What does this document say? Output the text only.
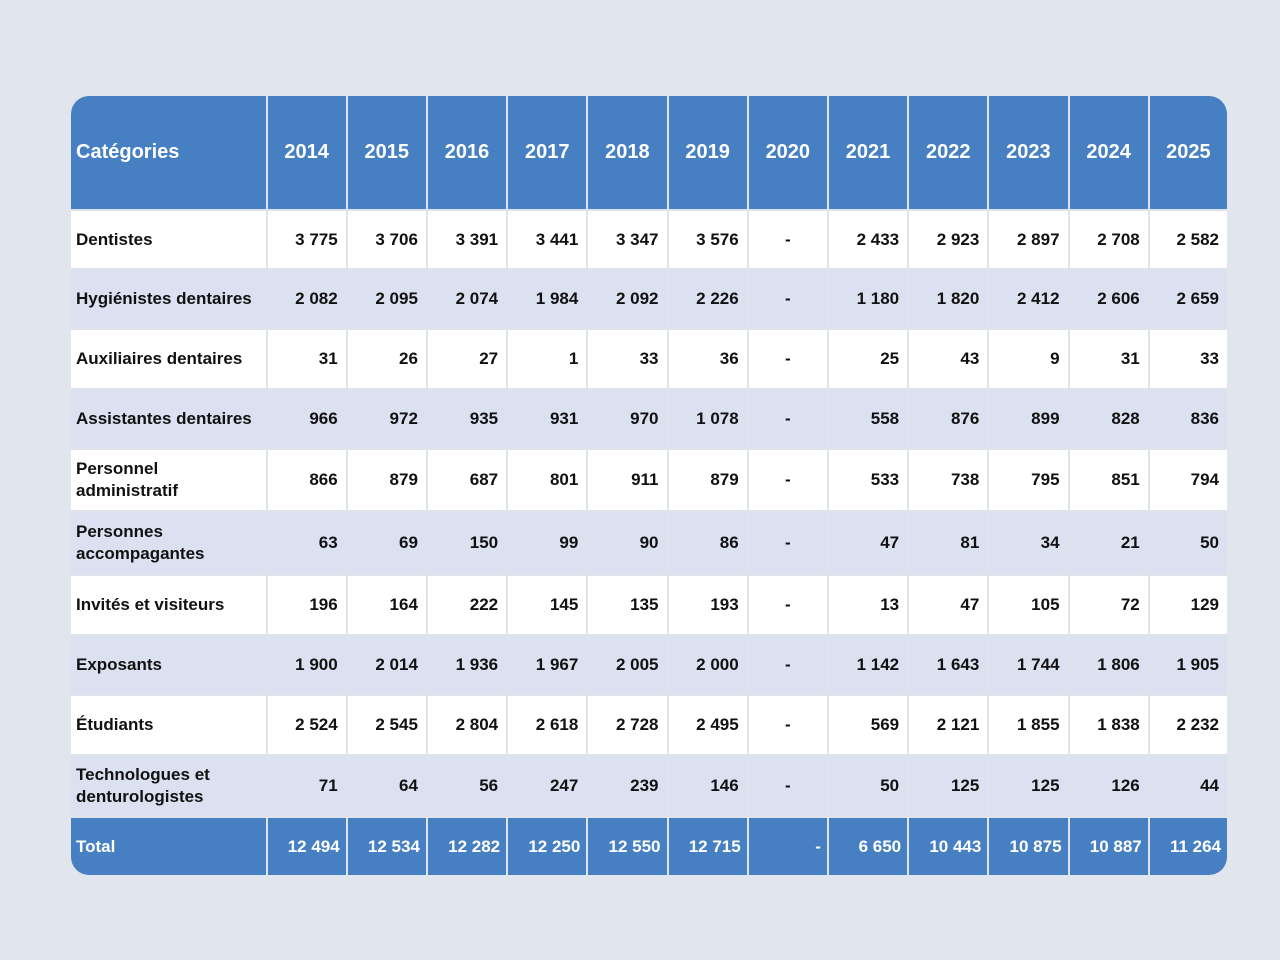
Catégories	2014	2015	2016	2017	2018	2019	2020	2021	2022	2023	2024	2025
Dentistes	3 775	3 706	3 391	3 441	3 347	3 576	-	2 433	2 923	2 897	2 708	2 582
Hygiénistes dentaires	2 082	2 095	2 074	1 984	2 092	2 226	-	1 180	1 820	2 412	2 606	2 659
Auxiliaires dentaires	31	26	27	1	33	36	-	25	43	9	31	33
Assistantes dentaires	966	972	935	931	970	1 078	-	558	876	899	828	836
Personnel administratif	866	879	687	801	911	879	-	533	738	795	851	794
Personnes accompagantes	63	69	150	99	90	86	-	47	81	34	21	50
Invités et visiteurs	196	164	222	145	135	193	-	13	47	105	72	129
Exposants	1 900	2 014	1 936	1 967	2 005	2 000	-	1 142	1 643	1 744	1 806	1 905
Étudiants	2 524	2 545	2 804	2 618	2 728	2 495	-	569	2 121	1 855	1 838	2 232
Technologues et denturologistes	71	64	56	247	239	146	-	50	125	125	126	44
Total	12 494	12 534	12 282	12 250	12 550	12 715	-	6 650	10 443	10 875	10 887	11 264
